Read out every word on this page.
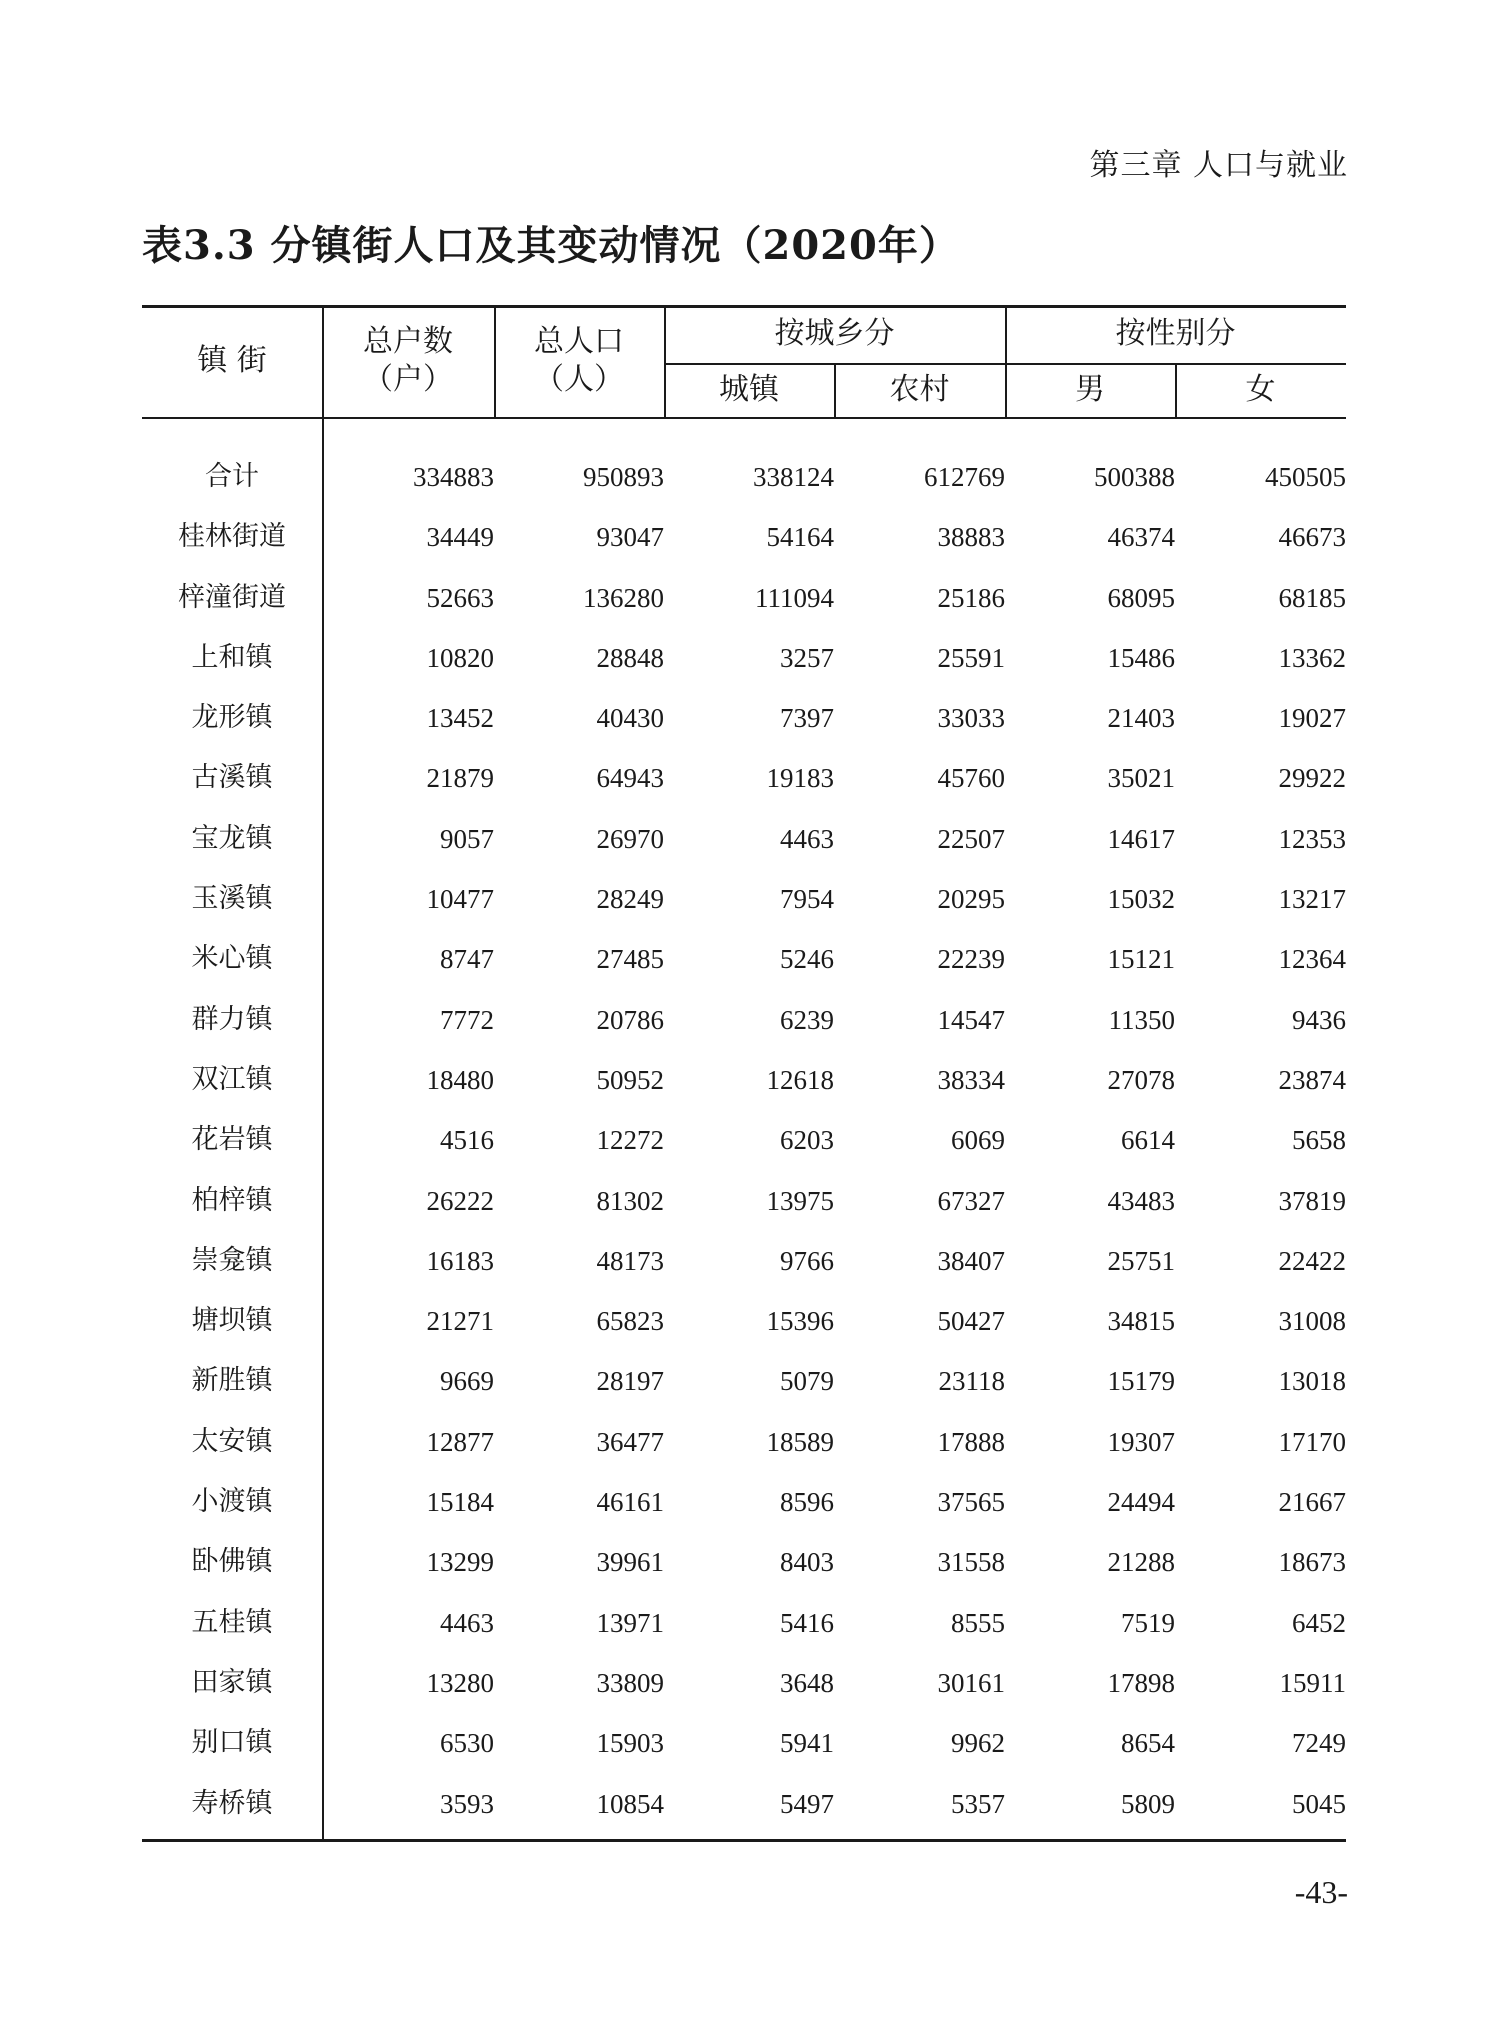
第三章 人口与就业
表3.3 分镇街人口及其变动情况（2020年）
镇 街
总户数
（户）
总人口
（人）
按城乡分
城镇	农村
按性别分
男	女
合计	334883	950893	338124	612769	500388	450505
桂林街道	34449	93047	54164	38883	46374	46673
梓潼街道	52663	136280	111094	25186	68095	68185
上和镇	10820	28848	3257	25591	15486	13362
龙形镇	13452	40430	7397	33033	21403	19027
古溪镇	21879	64943	19183	45760	35021	29922
宝龙镇	9057	26970	4463	22507	14617	12353
玉溪镇	10477	28249	7954	20295	15032	13217
米心镇	8747	27485	5246	22239	15121	12364
群力镇	7772	20786	6239	14547	11350	9436
双江镇	18480	50952	12618	38334	27078	23874
花岩镇	4516	12272	6203	6069	6614	5658
柏梓镇	26222	81302	13975	67327	43483	37819
崇龛镇	16183	48173	9766	38407	25751	22422
塘坝镇	21271	65823	15396	50427	34815	31008
新胜镇	9669	28197	5079	23118	15179	13018
太安镇	12877	36477	18589	17888	19307	17170
小渡镇	15184	46161	8596	37565	24494	21667
卧佛镇	13299	39961	8403	31558	21288	18673
五桂镇	4463	13971	5416	8555	7519	6452
田家镇	13280	33809	3648	30161	17898	15911
别口镇	6530	15903	5941	9962	8654	7249
寿桥镇	3593	10854	5497	5357	5809	5045
-43-
